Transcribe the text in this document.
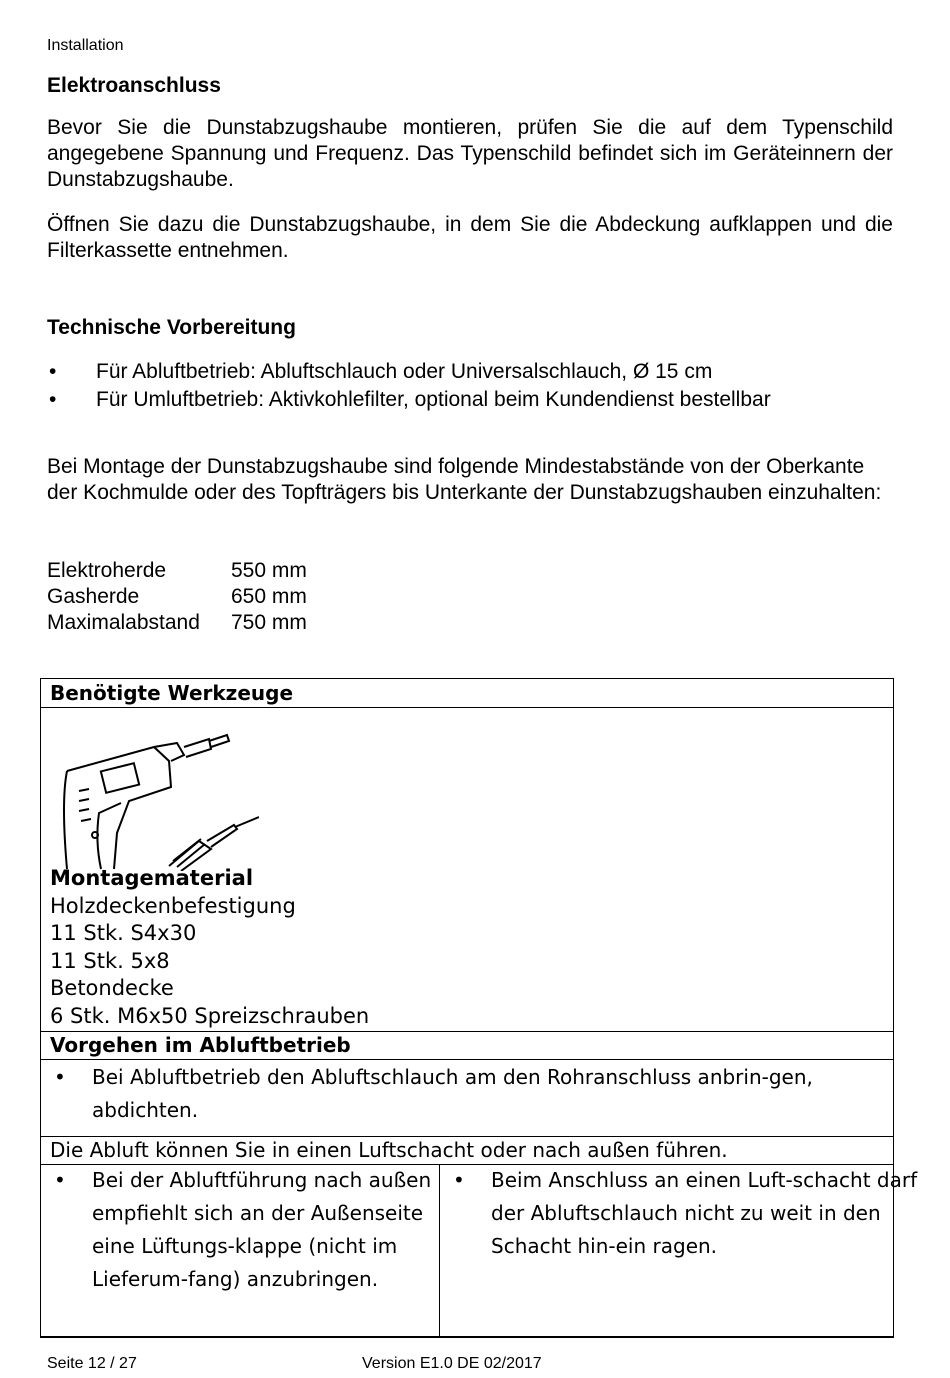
Installation
Elektroanschluss
Bevor Sie die Dunstabzugshaube montieren, prüfen Sie die auf dem Typenschild angegebene Spannung und Frequenz. Das Typenschild befindet sich im Geräteinnern der Dunstabzugshaube.
Öffnen Sie dazu die Dunstabzugshaube, in dem Sie die Abdeckung aufklappen und die Filterkassette entnehmen.
Technische Vorbereitung
• Für Abluftbetrieb: Abluftschlauch oder Universalschlauch, Ø 15 cm
• Für Umluftbetrieb: Aktivkohlefilter, optional beim Kundendienst bestellbar
Bei Montage der Dunstabzugshaube sind folgende Mindestabstände von der Oberkante der Kochmulde oder des Topfträgers bis Unterkante der Dunstabzugshauben einzuhalten:
Elektroherde	550 mm
Gasherde	650 mm
Maximalabstand	750 mm
Benötigte Werkzeuge
Montagematerial
Holzdeckenbefestigung
11 Stk. S4x30
11 Stk. 5x8
Betondecke
6 Stk. M6x50 Spreizschrauben
Vorgehen im Abluftbetrieb
• Bei Abluftbetrieb den Abluftschlauch am den Rohranschluss anbrin-gen, abdichten.
Die Abluft können Sie in einen Luftschacht oder nach außen führen.
• Bei der Abluftführung nach außen empfiehlt sich an der Außenseite eine Lüftungs-klappe (nicht im Lieferum-fang) anzubringen.
• Beim Anschluss an einen Luft-schacht darf der Abluftschlauch nicht zu weit in den Schacht hin-ein ragen.
Seite 12 / 27	Version E1.0 DE 02/2017
